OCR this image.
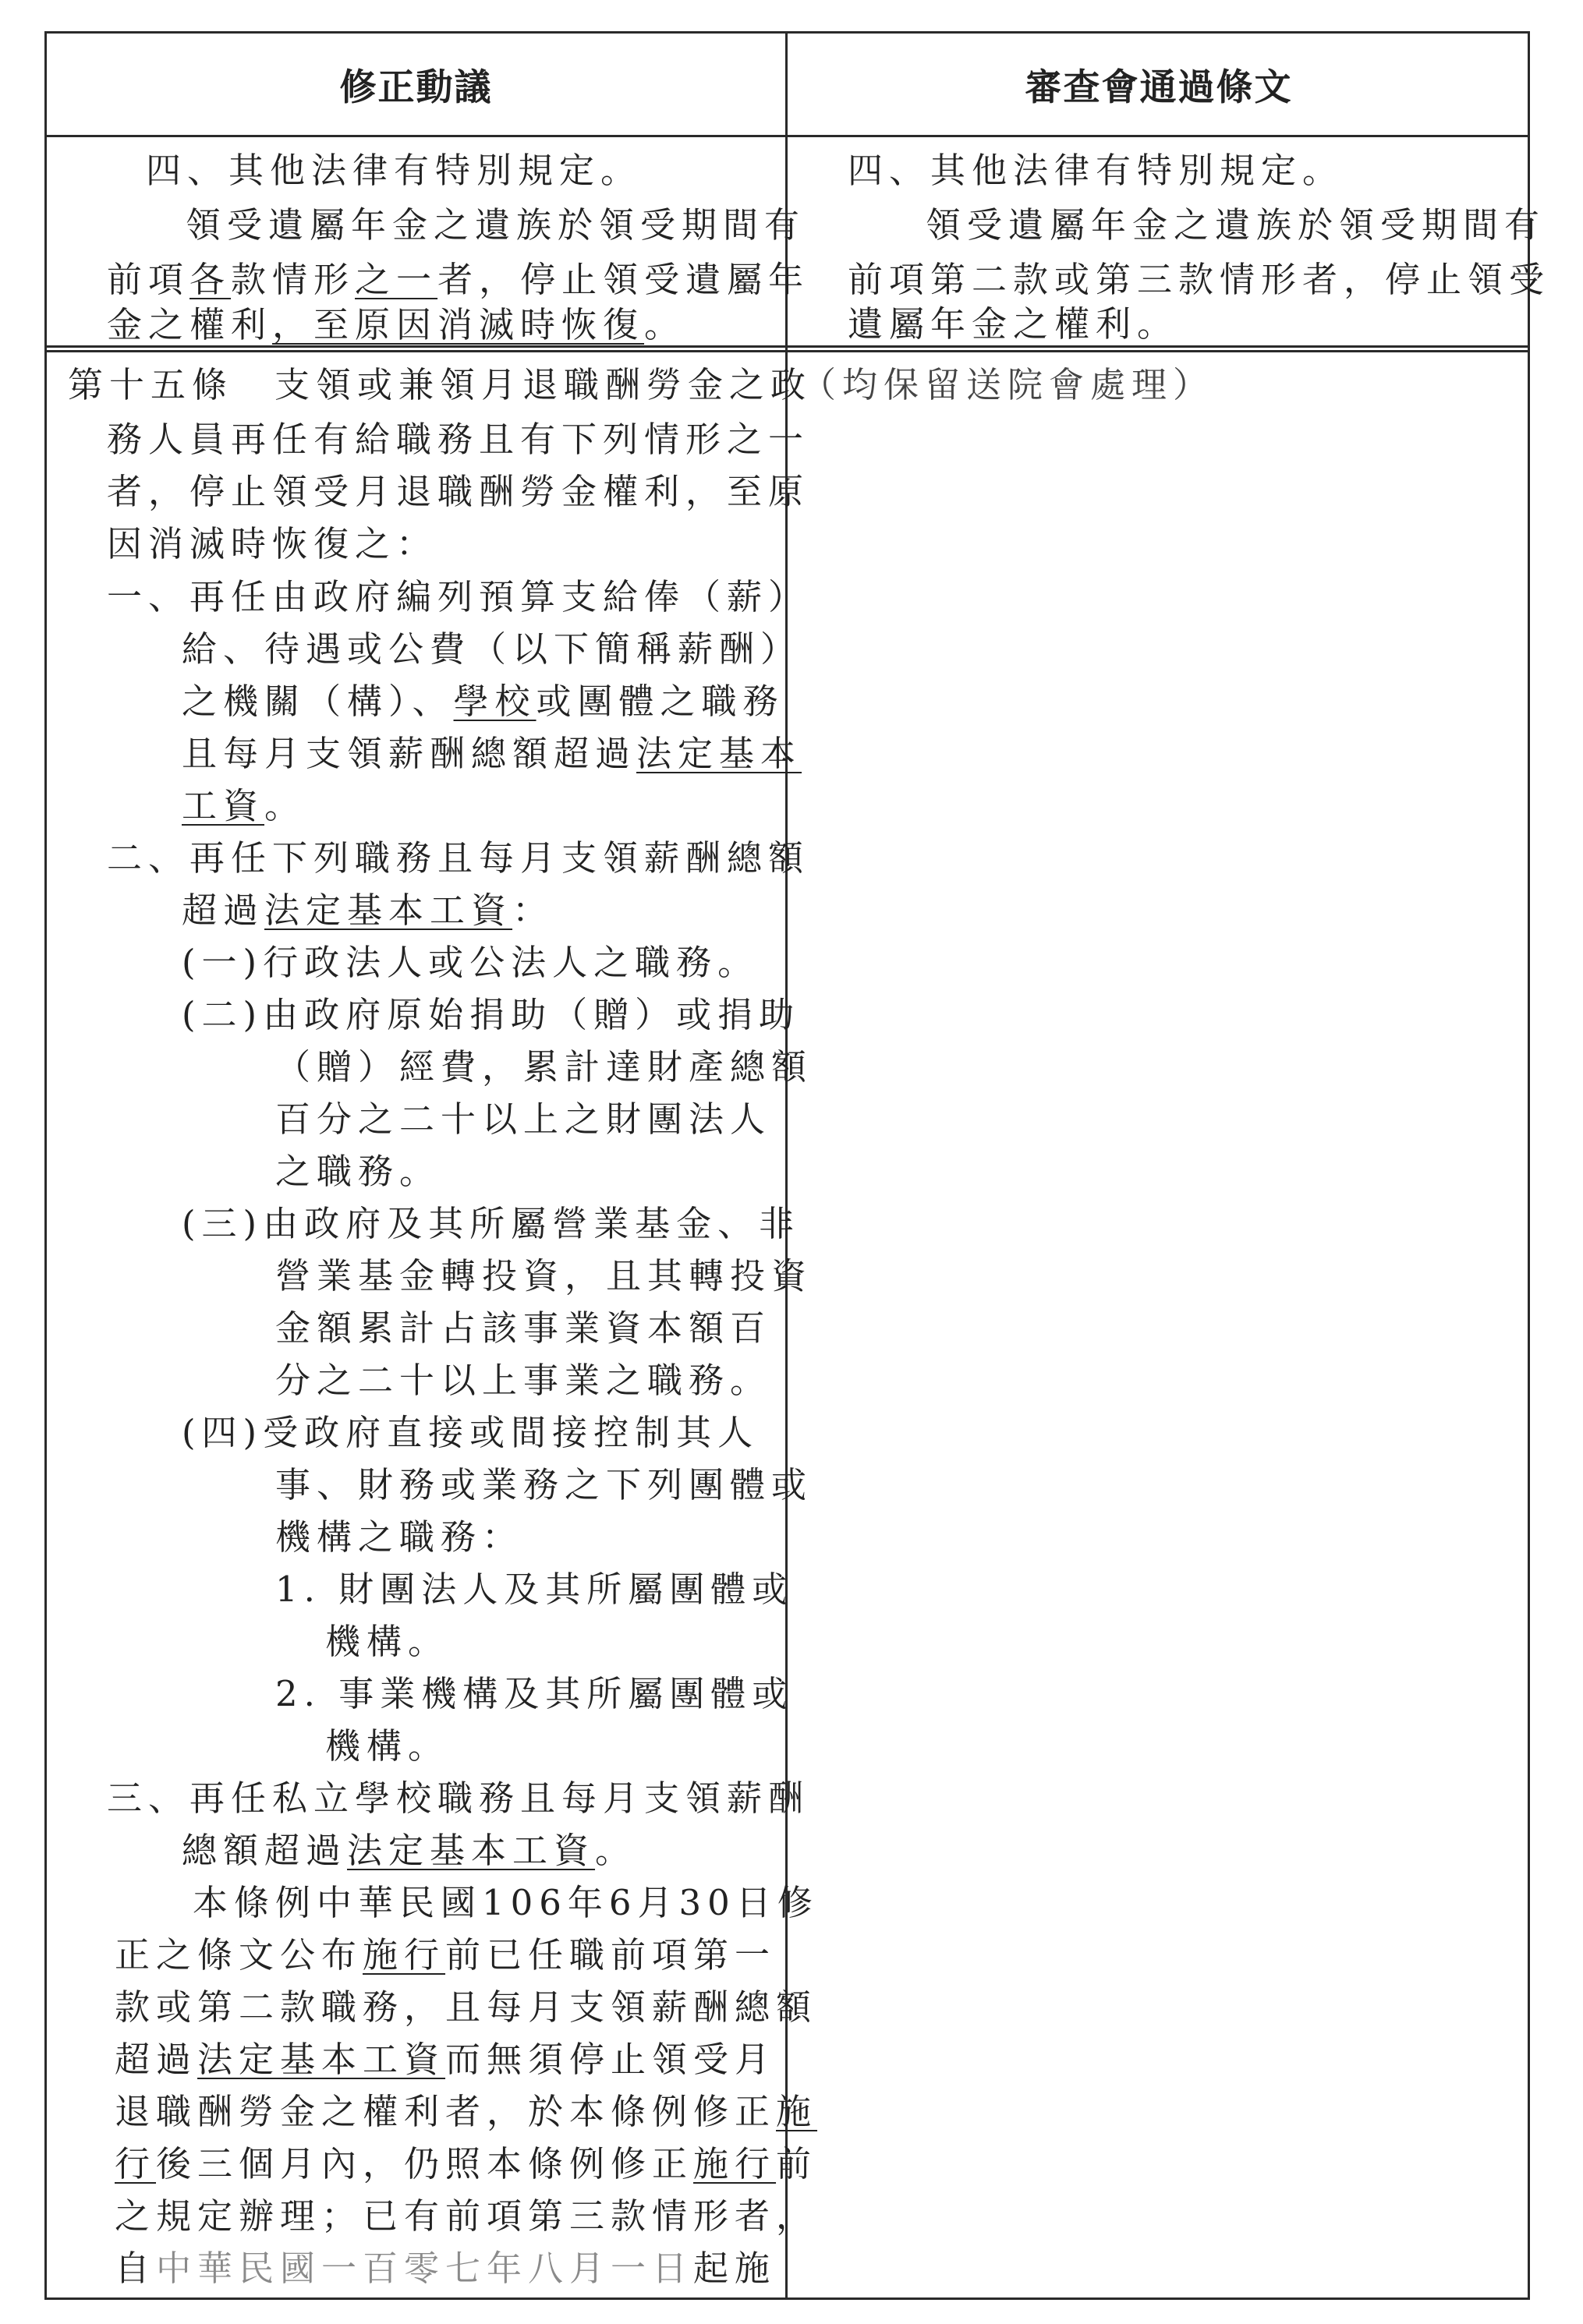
修正動議	審查會通過條文
四、其他法律有特別規定。
領受遺屬年金之遺族於領受期間有
前項各款情形之一者，停止領受遺屬年
金之權利，至原因消滅時恢復。
四、其他法律有特別規定。
領受遺屬年金之遺族於領受期間有
前項第二款或第三款情形者，停止領受
遺屬年金之權利。
（均保留送院會處理）
第十五條　支領或兼領月退職酬勞金之政
務人員再任有給職務且有下列情形之一
者，停止領受月退職酬勞金權利，至原
因消滅時恢復之：
一、再任由政府編列預算支給俸（薪）
給、待遇或公費（以下簡稱薪酬）
之機關（構）、學校或團體之職務
且每月支領薪酬總額超過法定基本
工資。
二、再任下列職務且每月支領薪酬總額
超過法定基本工資：
(一)行政法人或公法人之職務。
(二)由政府原始捐助（贈）或捐助
（贈）經費，累計達財產總額
百分之二十以上之財團法人
之職務。
(三)由政府及其所屬營業基金、非
營業基金轉投資，且其轉投資
金額累計占該事業資本額百
分之二十以上事業之職務。
(四)受政府直接或間接控制其人
事、財務或業務之下列團體或
機構之職務：
1. 財團法人及其所屬團體或
機構。
2. 事業機構及其所屬團體或
機構。
三、再任私立學校職務且每月支領薪酬
總額超過法定基本工資。
本條例中華民國106年6月30日修
正之條文公布施行前已任職前項第一
款或第二款職務，且每月支領薪酬總額
超過法定基本工資而無須停止領受月
退職酬勞金之權利者，於本條例修正施
行後三個月內，仍照本條例修正施行前
之規定辦理；已有前項第三款情形者，
自中華民國一百零七年八月一日起施
